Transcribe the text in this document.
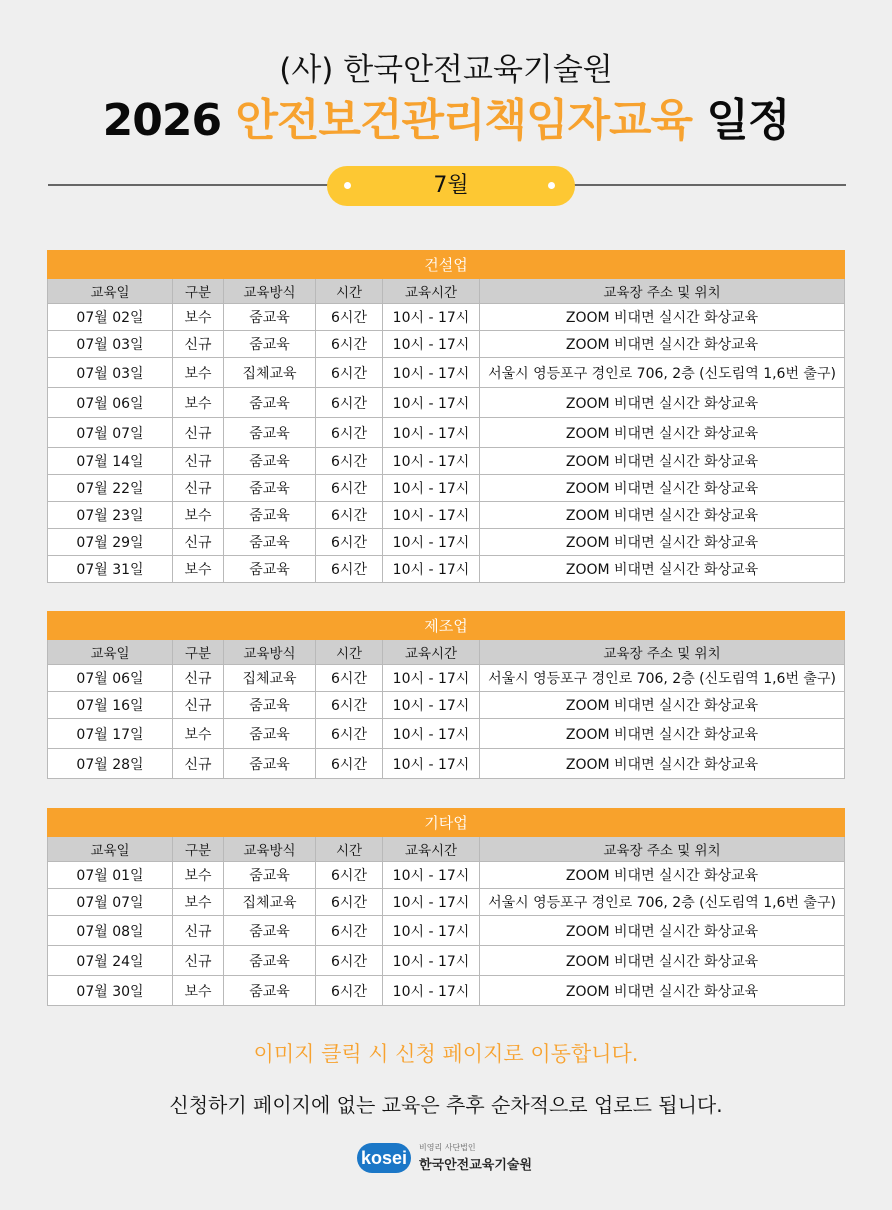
(사) 한국안전교육기술원
2026 안전보건관리책임자교육 일정
7월
건설업					
교육일	구분	교육방식	시간	교육시간	교육장 주소 및 위치
07월 02일	보수	줌교육	6시간	10시 - 17시	ZOOM 비대면 실시간 화상교육
07월 03일	신규	줌교육	6시간	10시 - 17시	ZOOM 비대면 실시간 화상교육
07월 03일	보수	집체교육	6시간	10시 - 17시	서울시 영등포구 경인로 706, 2층 (신도림역 1,6번 출구)
07월 06일	보수	줌교육	6시간	10시 - 17시	ZOOM 비대면 실시간 화상교육
07월 07일	신규	줌교육	6시간	10시 - 17시	ZOOM 비대면 실시간 화상교육
07월 14일	신규	줌교육	6시간	10시 - 17시	ZOOM 비대면 실시간 화상교육
07월 22일	신규	줌교육	6시간	10시 - 17시	ZOOM 비대면 실시간 화상교육
07월 23일	보수	줌교육	6시간	10시 - 17시	ZOOM 비대면 실시간 화상교육
07월 29일	신규	줌교육	6시간	10시 - 17시	ZOOM 비대면 실시간 화상교육
07월 31일	보수	줌교육	6시간	10시 - 17시	ZOOM 비대면 실시간 화상교육
제조업					
교육일	구분	교육방식	시간	교육시간	교육장 주소 및 위치
07월 06일	신규	집체교육	6시간	10시 - 17시	서울시 영등포구 경인로 706, 2층 (신도림역 1,6번 출구)
07월 16일	신규	줌교육	6시간	10시 - 17시	ZOOM 비대면 실시간 화상교육
07월 17일	보수	줌교육	6시간	10시 - 17시	ZOOM 비대면 실시간 화상교육
07월 28일	신규	줌교육	6시간	10시 - 17시	ZOOM 비대면 실시간 화상교육
기타업					
교육일	구분	교육방식	시간	교육시간	교육장 주소 및 위치
07월 01일	보수	줌교육	6시간	10시 - 17시	ZOOM 비대면 실시간 화상교육
07월 07일	보수	집체교육	6시간	10시 - 17시	서울시 영등포구 경인로 706, 2층 (신도림역 1,6번 출구)
07월 08일	신규	줌교육	6시간	10시 - 17시	ZOOM 비대면 실시간 화상교육
07월 24일	신규	줌교육	6시간	10시 - 17시	ZOOM 비대면 실시간 화상교육
07월 30일	보수	줌교육	6시간	10시 - 17시	ZOOM 비대면 실시간 화상교육
이미지 클릭 시 신청 페이지로 이동합니다.
신청하기 페이지에 없는 교육은 추후 순차적으로 업로드 됩니다.
kosei
비영리 사단법인
한국안전교육기술원
